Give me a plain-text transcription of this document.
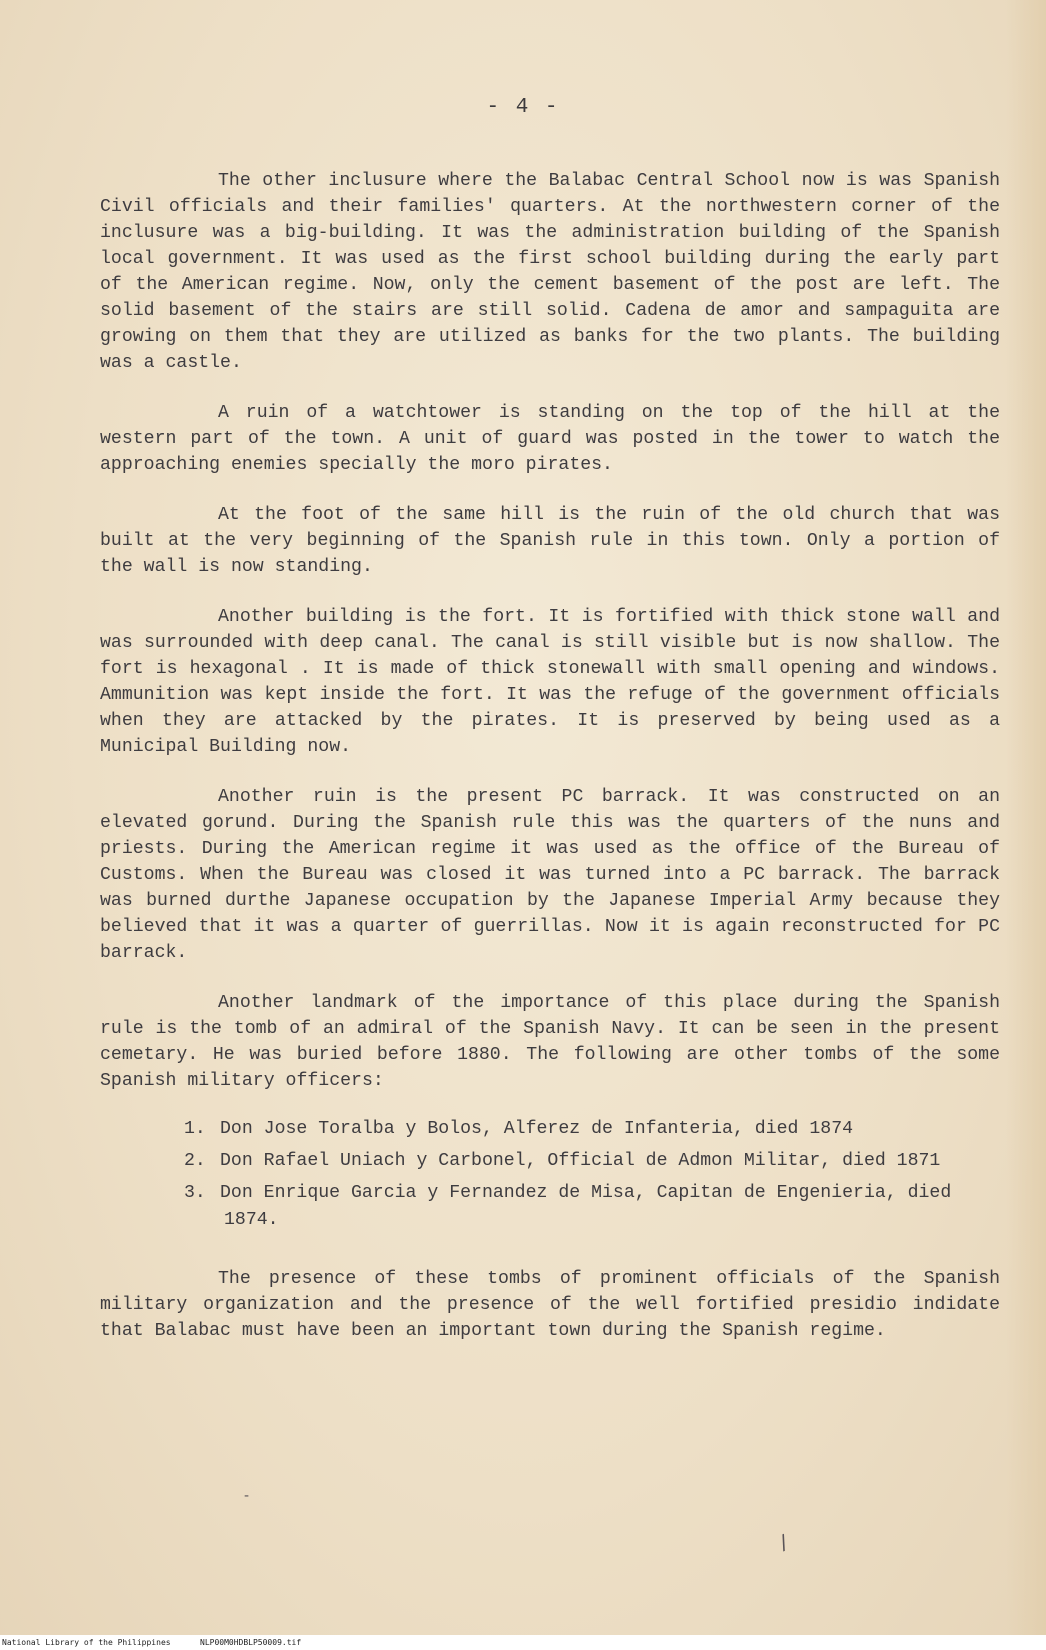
- 4 -

The other inclusure where the Balabac Central School now is was Spanish Civil officials and their families' quarters. At the northwestern corner of the inclusure was a big-building. It was the administration building of the Spanish local government. It was used as the first school building during the early part of the American regime. Now, only the cement basement of the post are left. The solid basement of the stairs are still solid. Cadena de amor and sampaguita are growing on them that they are utilized as banks for the two plants. The building was a castle.

A ruin of a watchtower is standing on the top of the hill at the western part of the town. A unit of guard was posted in the tower to watch the approaching enemies specially the moro pirates.

At the foot of the same hill is the ruin of the old church that was built at the very beginning of the Spanish rule in this town. Only a portion of the wall is now standing.

Another building is the fort. It is fortified with thick stone wall and was surrounded with deep canal. The canal is still visible but is now shallow. The fort is hexagonal . It is made of thick stonewall with small opening and windows. Ammunition was kept inside the fort. It was the refuge of the government officials when they are attacked by the pirates. It is preserved by being used as a Municipal Building now.

Another ruin is the present PC barrack. It was constructed on an elevated gorund. During the Spanish rule this was the quarters of the nuns and priests. During the American regime it was used as the office of the Bureau of Customs. When the Bureau was closed it was turned into a PC barrack. The barrack was burned durthe Japanese occupation by the Japanese Imperial Army because they believed that it was a quarter of guerrillas. Now it is again reconstructed for PC barrack.

Another landmark of the importance of this place during the Spanish rule is the tomb of an admiral of the Spanish Navy. It can be seen in the present cemetary. He was buried before 1880. The following are other tombs of the some Spanish military officers:

1. Don Jose Toralba y Bolos, Alferez de Infanteria, died 1874
2. Don Rafael Uniach y Carbonel, Official de Admon Militar, died 1871
3. Don Enrique Garcia y Fernandez de Misa, Capitan de Engenieria, died 1874.

The presence of these tombs of prominent officials of the Spanish military organization and the presence of the well fortified presidio indidate that Balabac must have been an important town during the Spanish regime.

/
-
National Library of the Philippines	NLP00M0HDBLP50009.tif
